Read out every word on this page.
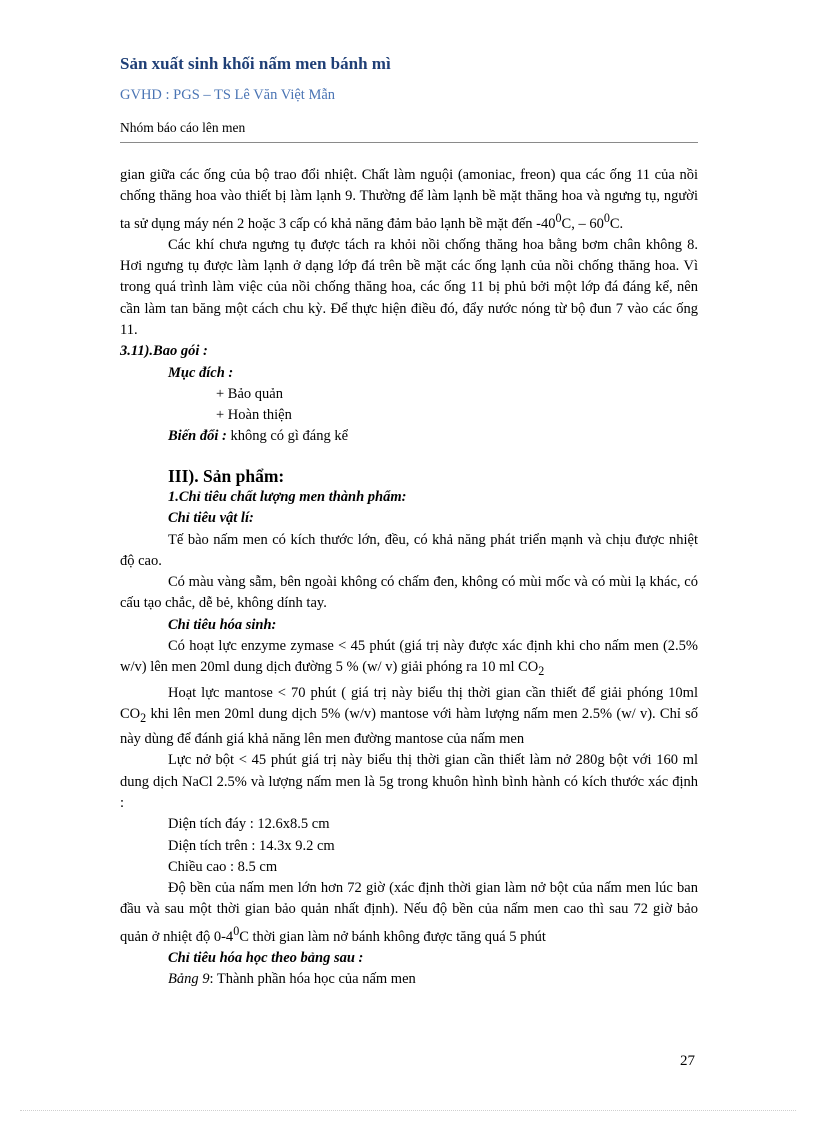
Sản xuất sinh khối nấm men bánh mì
GVHD : PGS – TS Lê Văn Việt Mẫn
Nhóm báo cáo lên men

gian giữa các ống của bộ trao đổi nhiệt. Chất làm nguội (amoniac, freon) qua các ống 11 của nồi chống thăng hoa vào thiết bị làm lạnh 9. Thường để làm lạnh bề mặt thăng hoa và ngưng tụ, người ta sử dụng máy nén 2 hoặc 3 cấp có khả năng đảm bảo lạnh bề mặt đến $-40^0C$, – $60^0C$.

Các khí chưa ngưng tụ được tách ra khỏi nồi chống thăng hoa bằng bơm chân không 8. Hơi ngưng tụ được làm lạnh ở dạng lớp đá trên bề mặt các ống lạnh của nồi chống thăng hoa. Vì trong quá trình làm việc của nồi chống thăng hoa, các ống 11 bị phủ bởi một lớp đá đáng kể, nên cần làm tan băng một cách chu kỳ. Để thực hiện điều đó, đẩy nước nóng từ bộ đun 7 vào các ống 11.

3.11).Bao gói :

Mục đích :

+ Bảo quản

+ Hoàn thiện

Biến đổi : không có gì đáng kể

III). Sản phẩm:

1.Chỉ tiêu chất lượng men thành phẩm:

Chỉ tiêu vật lí:

Tế bào nấm men có kích thước lớn, đều, có khả năng phát triển mạnh và chịu được nhiệt độ cao.

Có màu vàng sẫm, bên ngoài không có chấm đen, không có mùi mốc và có mùi lạ khác, có cấu tạo chắc, dễ bẻ, không dính tay.

Chỉ tiêu hóa sinh:

Có hoạt lực enzyme zymase < 45 phút (giá trị này được xác định khi cho nấm men (2.5% w/v) lên men 20ml dung dịch đường 5 % (w/ v) giải phóng ra 10 ml $CO_2$

Hoạt lực mantose < 70 phút ( giá trị này biểu thị thời gian cần thiết để giải phóng 10ml $CO_2$ khi lên men 20ml dung dịch 5% (w/v) mantose với hàm lượng nấm men 2.5% (w/ v). Chỉ số này dùng để đánh giá khả năng lên men đường mantose của nấm men

Lực nở bột < 45 phút giá trị này biểu thị thời gian cần thiết làm nở 280g bột với 160 ml dung dịch NaCl 2.5% và lượng nấm men là 5g trong khuôn hình bình hành có kích thước xác định :

Diện tích đáy : 12.6x8.5 cm

Diện tích trên : 14.3x 9.2 cm

Chiều cao : 8.5 cm

Độ bền của nấm men lớn hơn 72 giờ (xác định thời gian làm nở bột của nấm men lúc ban đầu và sau một thời gian bảo quản nhất định). Nếu độ bền của nấm men cao thì sau 72 giờ bảo quản ở nhiệt độ $0-4^0C$ thời gian làm nở bánh không được tăng quá 5 phút

Chỉ tiêu hóa học theo bảng sau :

Bảng 9: Thành phần hóa học của nấm men

27
